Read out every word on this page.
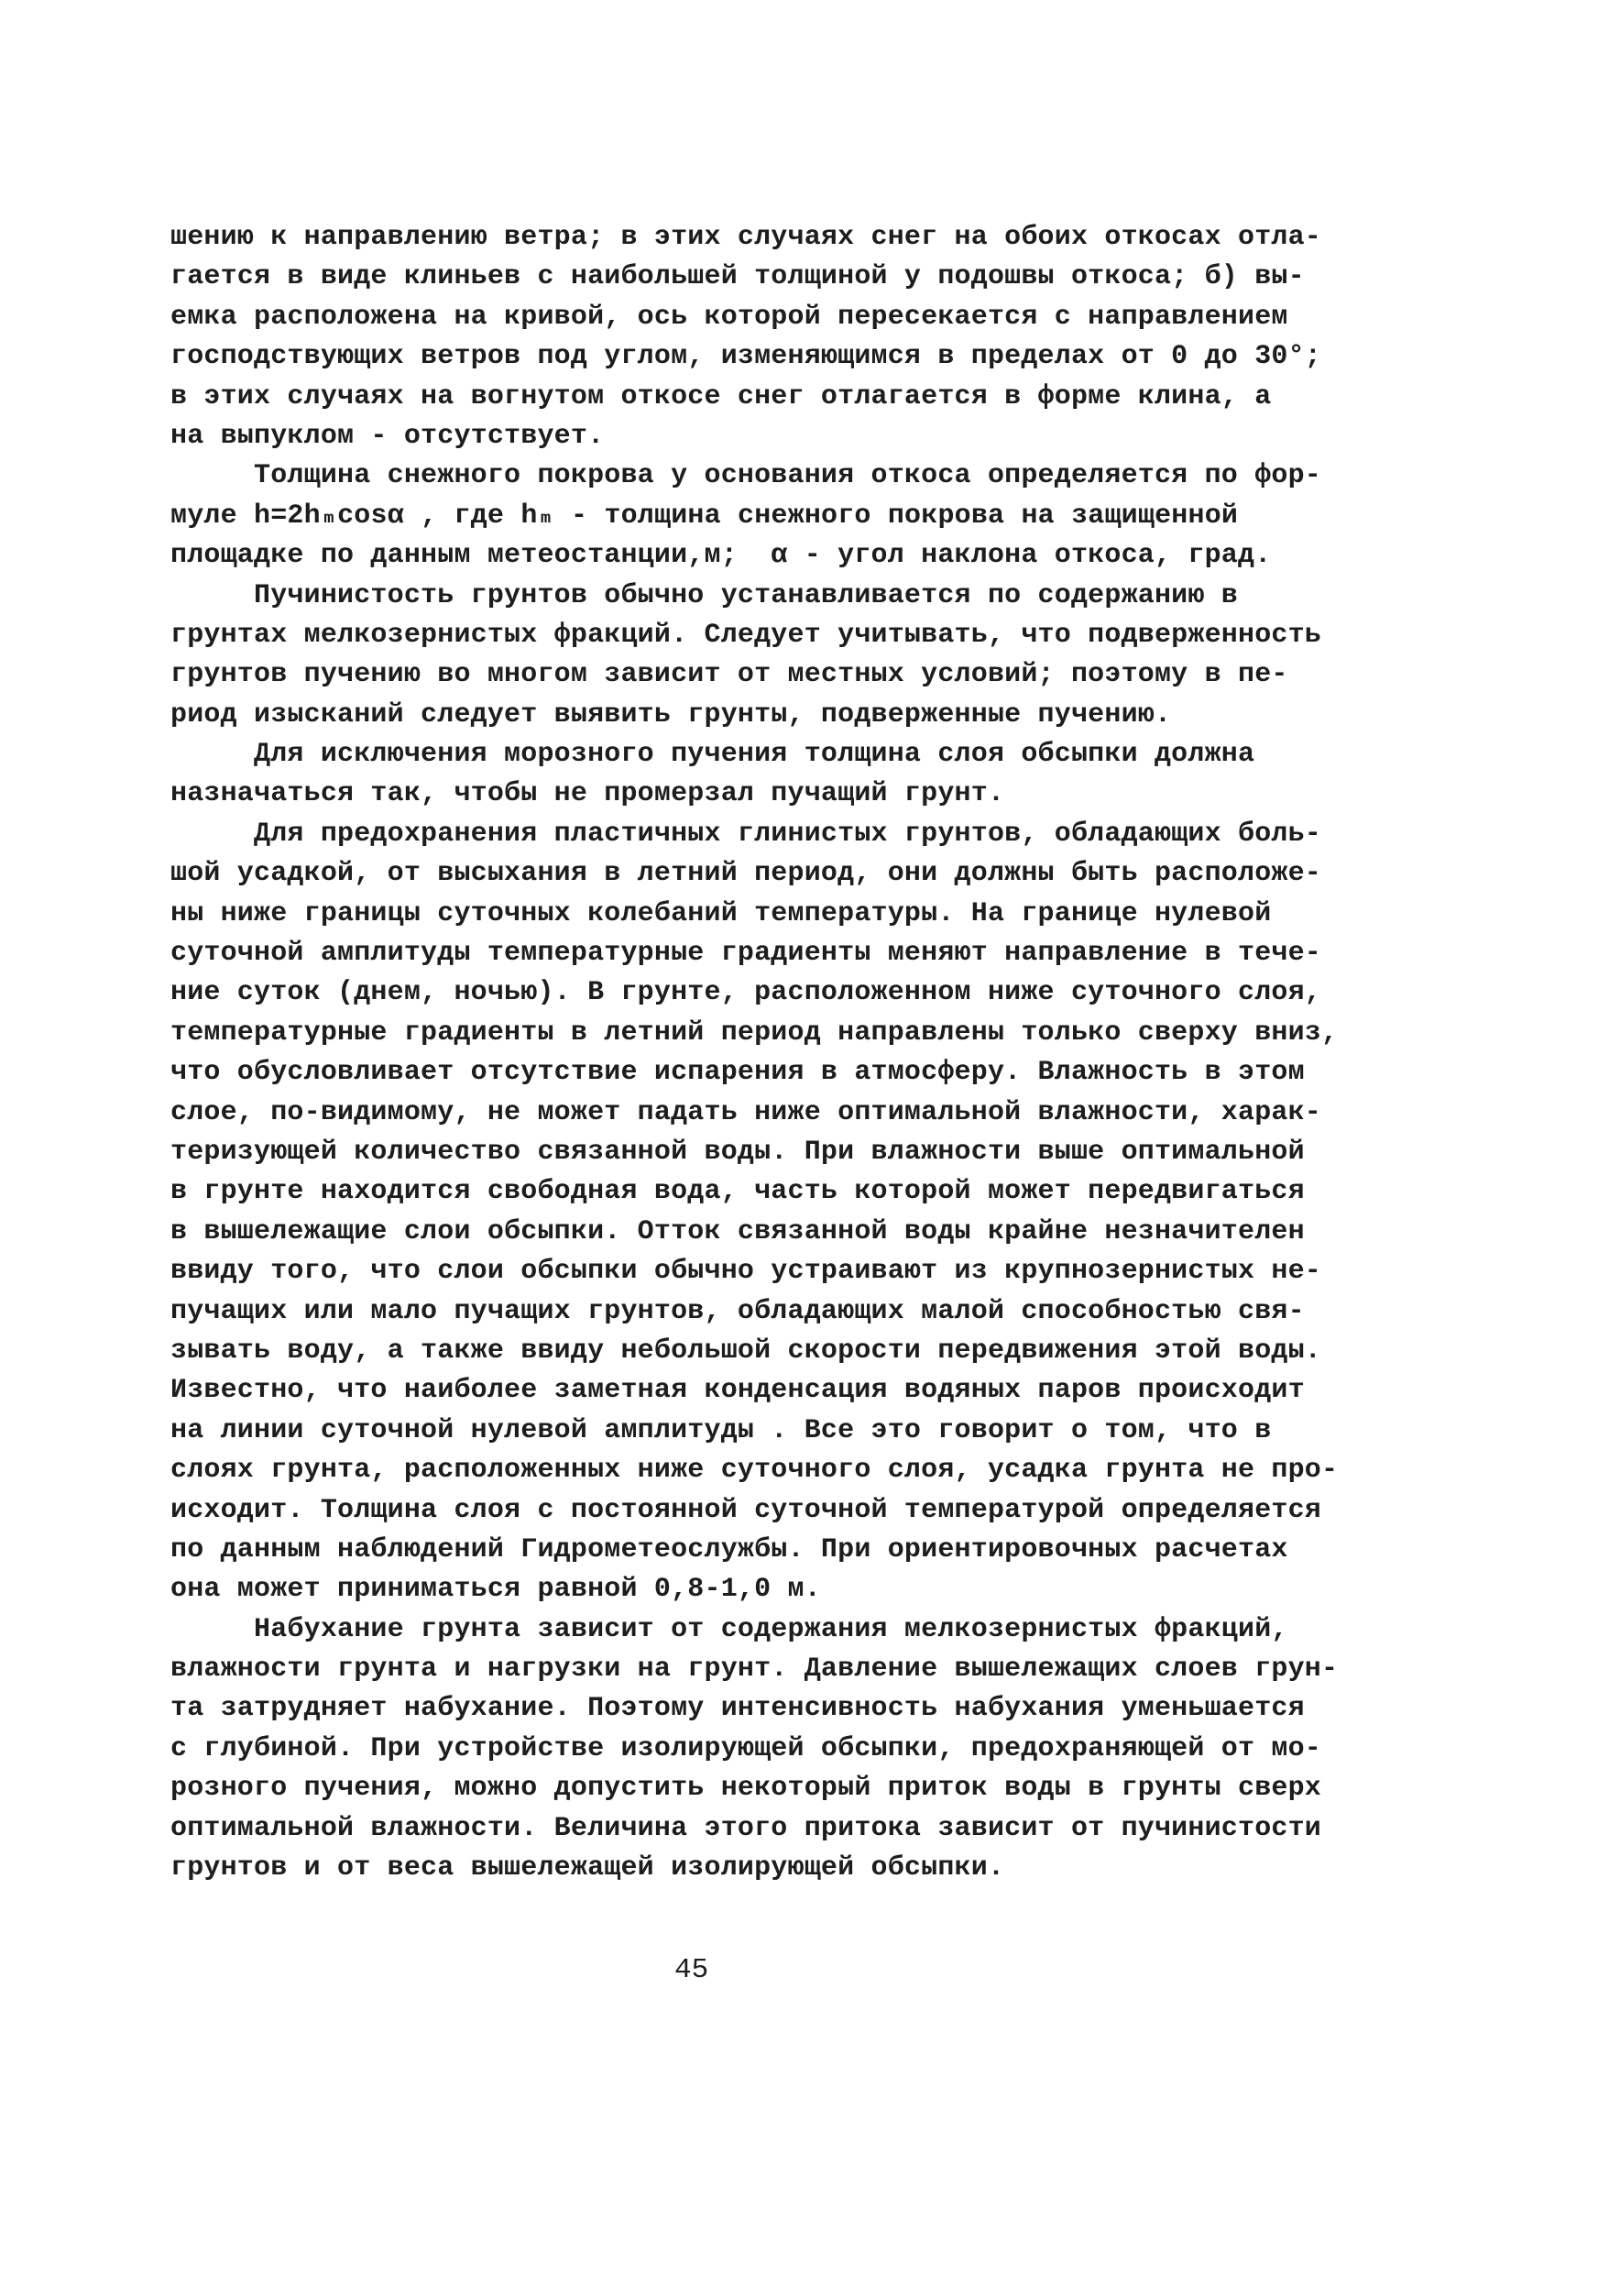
шению к направлению ветра; в этих случаях снег на обоих откосах отла-
гается в виде клиньев с наибольшей толщиной у подошвы откоса; б) вы-
емка расположена на кривой, ось которой пересекается с направлением
господствующих ветров под углом, изменяющимся в пределах от 0 до 30°;
в этих случаях на вогнутом откосе снег отлагается в форме клина, а
на выпуклом - отсутствует.
Толщина снежного покрова у основания откоса определяется по фор-
муле h=2hₘcosα , где hₘ - толщина снежного покрова на защищенной
площадке по данным метеостанции,м;  α - угол наклона откоса, град.
Пучинистость грунтов обычно устанавливается по содержанию в
грунтах мелкозернистых фракций. Следует учитывать, что подверженность
грунтов пучению во многом зависит от местных условий; поэтому в пе-
риод изысканий следует выявить грунты, подверженные пучению.
Для исключения морозного пучения толщина слоя обсыпки должна
назначаться так, чтобы не промерзал пучащий грунт.
Для предохранения пластичных глинистых грунтов, обладающих боль-
шой усадкой, от высыхания в летний период, они должны быть расположе-
ны ниже границы суточных колебаний температуры. На границе нулевой
суточной амплитуды температурные градиенты меняют направление в тече-
ние суток (днем, ночью). В грунте, расположенном ниже суточного слоя,
температурные градиенты в летний период направлены только сверху вниз,
что обусловливает отсутствие испарения в атмосферу. Влажность в этом
слое, по-видимому, не может падать ниже оптимальной влажности, харак-
теризующей количество связанной воды. При влажности выше оптимальной
в грунте находится свободная вода, часть которой может передвигаться
в вышележащие слои обсыпки. Отток связанной воды крайне незначителен
ввиду того, что слои обсыпки обычно устраивают из крупнозернистых не-
пучащих или мало пучащих грунтов, обладающих малой способностью свя-
зывать воду, а также ввиду небольшой скорости передвижения этой воды.
Известно, что наиболее заметная конденсация водяных паров происходит
на линии суточной нулевой амплитуды . Все это говорит о том, что в
слоях грунта, расположенных ниже суточного слоя, усадка грунта не про-
исходит. Толщина слоя с постоянной суточной температурой определяется
по данным наблюдений Гидрометеослужбы. При ориентировочных расчетах
она может приниматься равной 0,8-1,0 м.
Набухание грунта зависит от содержания мелкозернистых фракций,
влажности грунта и нагрузки на грунт. Давление вышележащих слоев грун-
та затрудняет набухание. Поэтому интенсивность набухания уменьшается
с глубиной. При устройстве изолирующей обсыпки, предохраняющей от мо-
розного пучения, можно допустить некоторый приток воды в грунты сверх
оптимальной влажности. Величина этого притока зависит от пучинистости
грунтов и от веса вышележащей изолирующей обсыпки.
45
